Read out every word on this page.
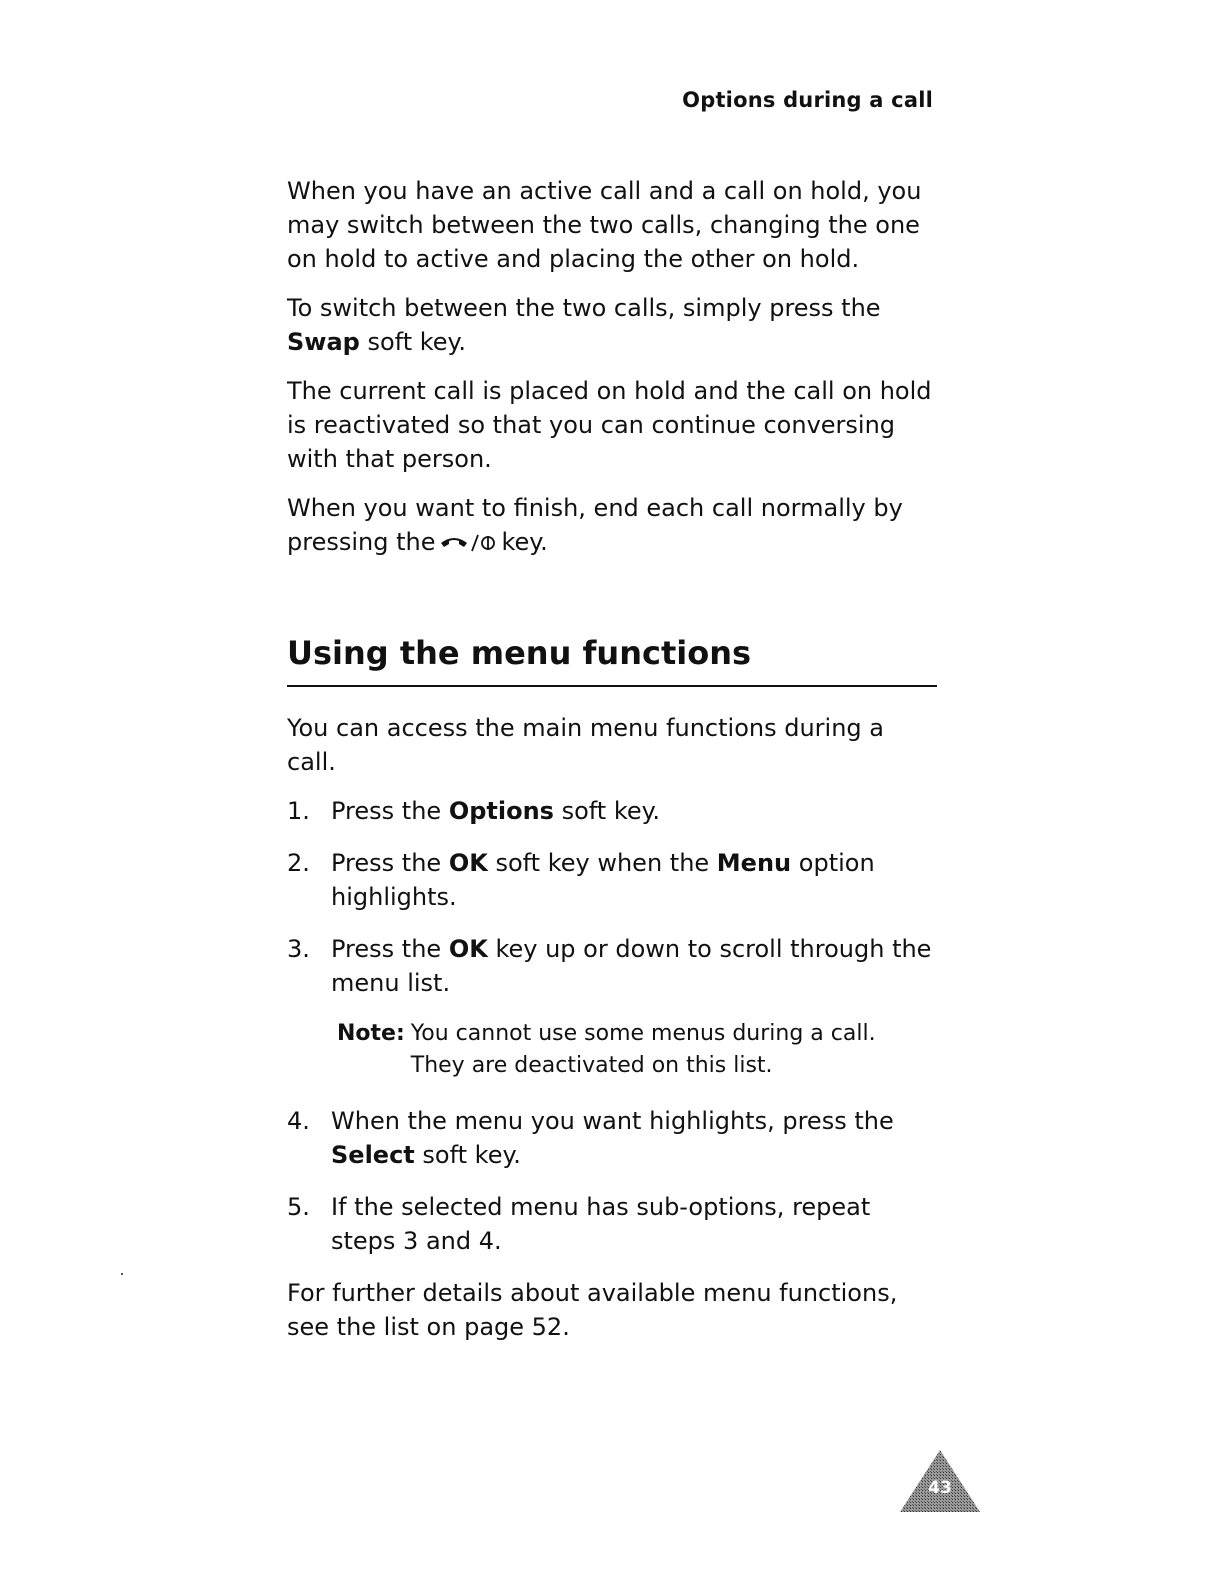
Options during a call

When you have an active call and a call on hold, you may switch between the two calls, changing the one on hold to active and placing the other on hold.

To switch between the two calls, simply press the Swap soft key.

The current call is placed on hold and the call on hold is reactivated so that you can continue conversing with that person.

When you want to finish, end each call normally by pressing the	key.

Using the menu functions

You can access the main menu functions during a call.

1. Press the Options soft key.
2. Press the OK soft key when the Menu option highlights.
3. Press the OK key up or down to scroll through the menu list.
Note: You cannot use some menus during a call.
They are deactivated on this list.
4. When the menu you want highlights, press the Select soft key.
5. If the selected menu has sub-options, repeat steps 3 and 4.

For further details about available menu functions, see the list on page 52.

43
